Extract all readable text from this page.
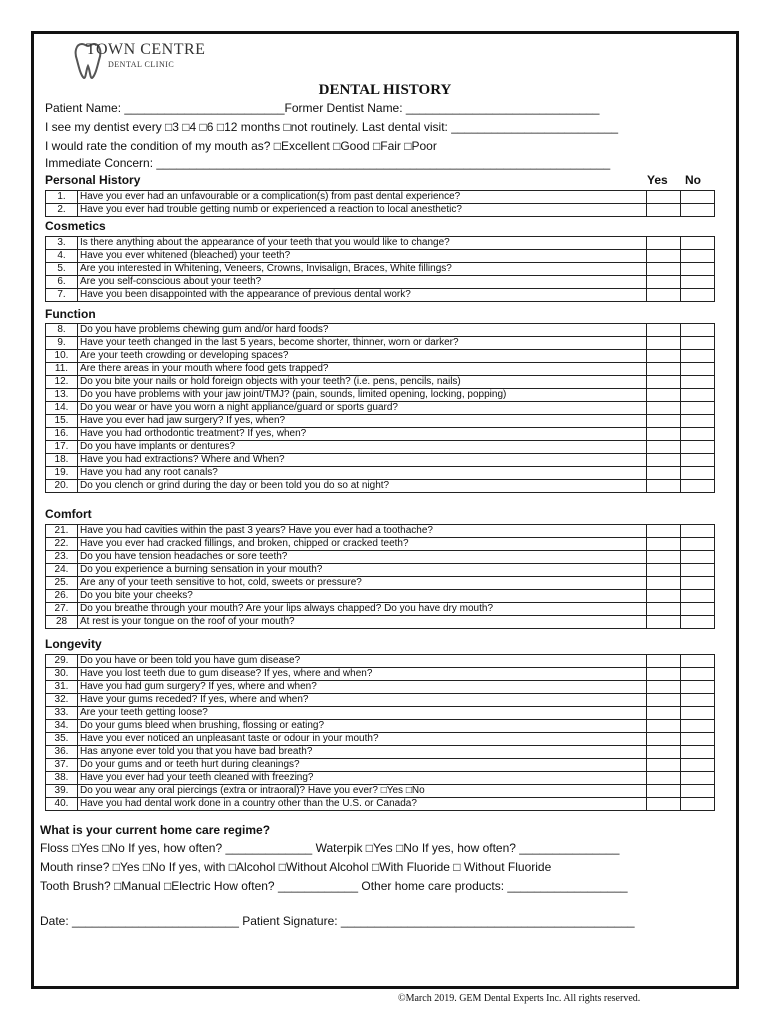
TOWN CENTRE
DENTAL CLINIC
DENTAL HISTORY
Patient Name: ________________________Former Dentist Name: _____________________________
I see my dentist every □3 □4 □6 □12 months □not routinely. Last dental visit: _________________________
I would rate the condition of my mouth as? □Excellent □Good □Fair □Poor
Immediate Concern: ____________________________________________________________________
Yes No
Personal History
1.	Have you ever had an unfavourable or a complication(s) from past dental experience?		
2.	Have you ever had trouble getting numb or experienced a reaction to local anesthetic?		
Cosmetics
3.	Is there anything about the appearance of your teeth that you would like to change?		
4.	Have you ever whitened (bleached) your teeth?		
5.	Are you interested in Whitening, Veneers, Crowns, Invisalign, Braces, White fillings?		
6.	Are you self-conscious about your teeth?		
7.	Have you been disappointed with the appearance of previous dental work?		
Function
8.	Do you have problems chewing gum and/or hard foods?		
9.	Have your teeth changed in the last 5 years, become shorter, thinner, worn or darker?		
10.	Are your teeth crowding or developing spaces?		
11.	Are there areas in your mouth where food gets trapped?		
12.	Do you bite your nails or hold foreign objects with your teeth? (i.e. pens, pencils, nails)		
13.	Do you have problems with your jaw joint/TMJ? (pain, sounds, limited opening, locking, popping)		
14.	Do you wear or have you worn a night appliance/guard or sports guard?		
15.	Have you ever had jaw surgery? If yes, when?		
16.	Have you had orthodontic treatment? If yes, when?		
17.	Do you have implants or dentures?		
18.	Have you had extractions? Where and When?		
19.	Have you had any root canals?		
20.	Do you clench or grind during the day or been told you do so at night?		
Comfort
21.	Have you had cavities within the past 3 years? Have you ever had a toothache?		
22.	Have you ever had cracked fillings, and broken, chipped or cracked teeth?		
23.	Do you have tension headaches or sore teeth?		
24.	Do you experience a burning sensation in your mouth?		
25.	Are any of your teeth sensitive to hot, cold, sweets or pressure?		
26.	Do you bite your cheeks?		
27.	Do you breathe through your mouth? Are your lips always chapped? Do you have dry mouth?		
28	At rest is your tongue on the roof of your mouth?		
Longevity
29.	Do you have or been told you have gum disease?		
30.	Have you lost teeth due to gum disease? If yes, where and when?		
31.	Have you had gum surgery? If yes, where and when?		
32.	Have your gums receded? If yes, where and when?		
33.	Are your teeth getting loose?		
34.	Do your gums bleed when brushing, flossing or eating?		
35.	Have you ever noticed an unpleasant taste or odour in your mouth?		
36.	Has anyone ever told you that you have bad breath?		
37.	Do your gums and or teeth hurt during cleanings?		
38.	Have you ever had your teeth cleaned with freezing?		
39.	Do you wear any oral piercings (extra or intraoral)? Have you ever? □Yes □No		
40.	Have you had dental work done in a country other than the U.S. or Canada?		
What is your current home care regime?
Floss □Yes □No If yes, how often? _____________ Waterpik □Yes □No If yes, how often? _______________
Mouth rinse? □Yes □No If yes, with □Alcohol □Without Alcohol □With Fluoride □ Without Fluoride
Tooth Brush? □Manual □Electric How often? ____________ Other home care products: __________________
Date: _________________________ Patient Signature: ____________________________________________
©March 2019. GEM Dental Experts Inc. All rights reserved.
